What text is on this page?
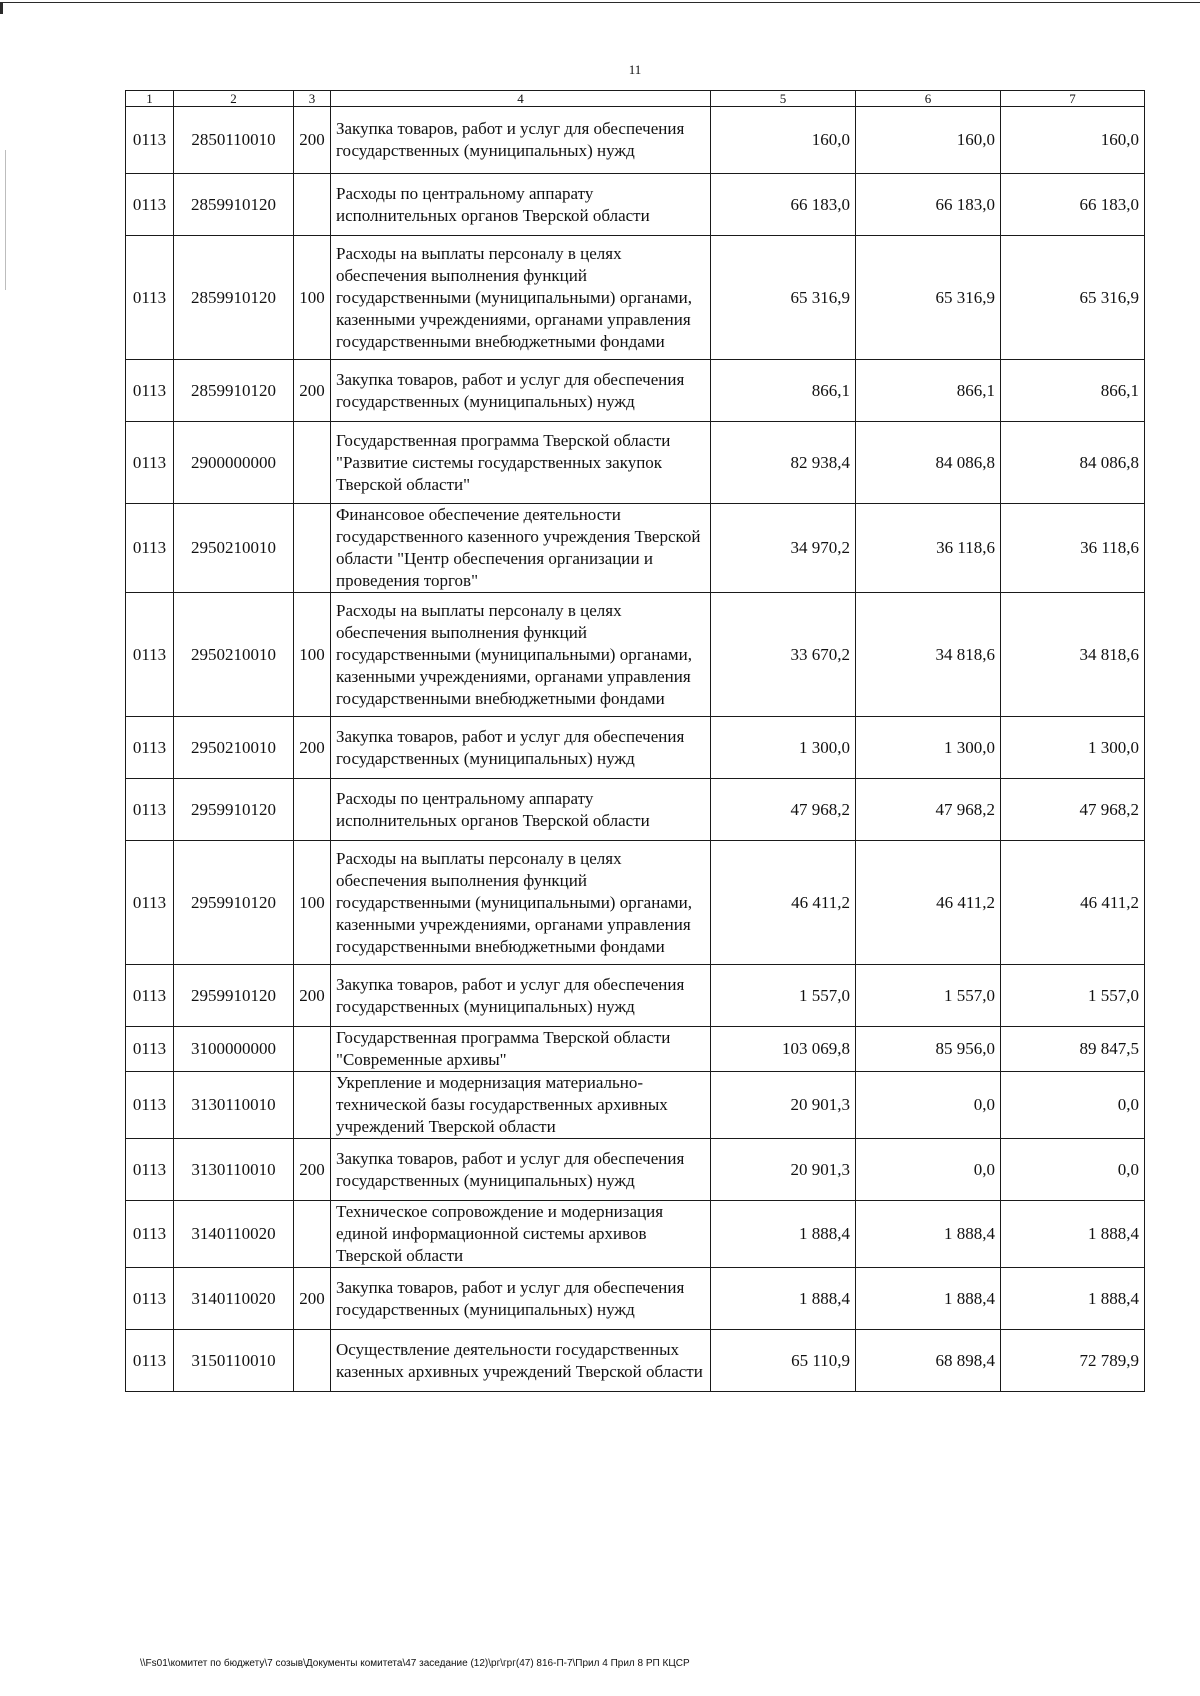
11
1	2	3	4	5	6	7
0113	2850110010	200	Закупка товаров, работ и услуг для обеспечения государственных (муниципальных) нужд	160,0	160,0	160,0
0113	2859910120		Расходы по центральному аппарату исполнительных органов Тверской области	66 183,0	66 183,0	66 183,0
0113	2859910120	100	Расходы на выплаты персоналу в целях обеспечения выполнения функций государственными (муниципальными) органами, казенными учреждениями, органами управления государственными внебюджетными фондами	65 316,9	65 316,9	65 316,9
0113	2859910120	200	Закупка товаров, работ и услуг для обеспечения государственных (муниципальных) нужд	866,1	866,1	866,1
0113	2900000000		Государственная программа Тверской области "Развитие системы государственных закупок Тверской области"	82 938,4	84 086,8	84 086,8
0113	2950210010		Финансовое обеспечение деятельности государственного казенного учреждения Тверской области "Центр обеспечения организации и проведения торгов"	34 970,2	36 118,6	36 118,6
0113	2950210010	100	Расходы на выплаты персоналу в целях обеспечения выполнения функций государственными (муниципальными) органами, казенными учреждениями, органами управления государственными внебюджетными фондами	33 670,2	34 818,6	34 818,6
0113	2950210010	200	Закупка товаров, работ и услуг для обеспечения государственных (муниципальных) нужд	1 300,0	1 300,0	1 300,0
0113	2959910120		Расходы по центральному аппарату исполнительных органов Тверской области	47 968,2	47 968,2	47 968,2
0113	2959910120	100	Расходы на выплаты персоналу в целях обеспечения выполнения функций государственными (муниципальными) органами, казенными учреждениями, органами управления государственными внебюджетными фондами	46 411,2	46 411,2	46 411,2
0113	2959910120	200	Закупка товаров, работ и услуг для обеспечения государственных (муниципальных) нужд	1 557,0	1 557,0	1 557,0
0113	3100000000		Государственная программа Тверской области "Современные архивы"	103 069,8	85 956,0	89 847,5
0113	3130110010		Укрепление и модернизация материально-технической базы государственных архивных учреждений Тверской области	20 901,3	0,0	0,0
0113	3130110010	200	Закупка товаров, работ и услуг для обеспечения государственных (муниципальных) нужд	20 901,3	0,0	0,0
0113	3140110020		Техническое сопровождение и модернизация единой информационной системы архивов Тверской области	1 888,4	1 888,4	1 888,4
0113	3140110020	200	Закупка товаров, работ и услуг для обеспечения государственных (муниципальных) нужд	1 888,4	1 888,4	1 888,4
0113	3150110010		Осуществление деятельности государственных казенных архивных учреждений Тверской области	65 110,9	68 898,4	72 789,9
\\Fs01\комитет по бюджету\7 созыв\Документы комитета\47 заседание (12)\рг\грг(47) 816-П-7\Прил 4 Прил 8 РП КЦСР
